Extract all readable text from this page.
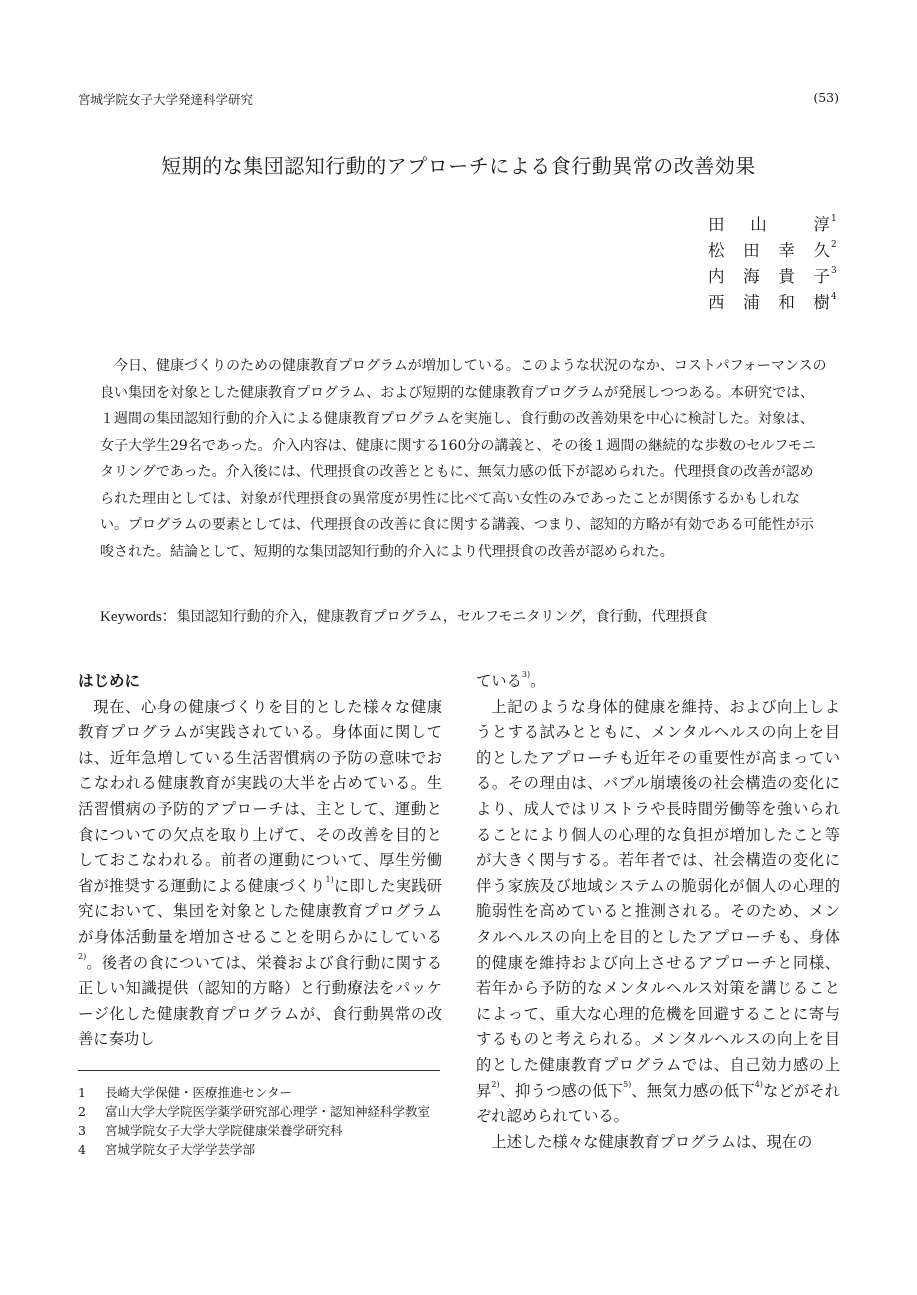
宮城学院女子大学発達科学研究	(53)
短期的な集団認知行動的アプローチによる食行動異常の改善効果
田　山　　淳 1
松　田　幸　久 2
内　海　貴　子 3
西　浦　和　樹 4

今日、健康づくりのための健康教育プログラムが増加している。このような状況のなか、コストパフォーマンスの良い集団を対象とした健康教育プログラム、および短期的な健康教育プログラムが発展しつつある。本研究では、１週間の集団認知行動的介入による健康教育プログラムを実施し、食行動の改善効果を中心に検討した。対象は、女子大学生29名であった。介入内容は、健康に関する160分の講義と、その後１週間の継続的な歩数のセルフモニタリングであった。介入後には、代理摂食の改善とともに、無気力感の低下が認められた。代理摂食の改善が認められた理由としては、対象が代理摂食の異常度が男性に比べて高い女性のみであったことが関係するかもしれない。プログラムの要素としては、代理摂食の改善に食に関する講義、つまり、認知的方略が有効である可能性が示唆された。結論として、短期的な集団認知行動的介入により代理摂食の改善が認められた。

Keywords：集団認知行動的介入，健康教育プログラム，セルフモニタリング，食行動，代理摂食
はじめに

現在、心身の健康づくりを目的とした様々な健康教育プログラムが実践されている。身体面に関しては、近年急増している生活習慣病の予防の意味でおこなわれる健康教育が実践の大半を占めている。生活習慣病の予防的アプローチは、主として、運動と食についての欠点を取り上げて、その改善を目的としておこなわれる。前者の運動について、厚生労働省が推奨する運動による健康づくり$^{1)}$に即した実践研究において、集団を対象とした健康教育プログラムが身体活動量を増加させることを明らかにしている$^{2)}$。後者の食については、栄養および食行動に関する正しい知識提供（認知的方略）と行動療法をパッケージ化した健康教育プログラムが、食行動異常の改善に奏功し

1	長崎大学保健・医療推進センター
2	富山大学大学院医学薬学研究部心理学・認知神経科学教室
3	宮城学院女子大学大学院健康栄養学研究科
4	宮城学院女子大学学芸学部

ている$^{3)}$。

上記のような身体的健康を維持、および向上しようとする試みとともに、メンタルヘルスの向上を目的としたアプローチも近年その重要性が高まっている。その理由は、バブル崩壊後の社会構造の変化により、成人ではリストラや長時間労働等を強いられることにより個人の心理的な負担が増加したこと等が大きく関与する。若年者では、社会構造の変化に伴う家族及び地域システムの脆弱化が個人の心理的脆弱性を高めていると推測される。そのため、メンタルヘルスの向上を目的としたアプローチも、身体的健康を維持および向上させるアプローチと同様、若年から予防的なメンタルヘルス対策を講じることによって、重大な心理的危機を回避することに寄与するものと考えられる。メンタルヘルスの向上を目的とした健康教育プログラムでは、自己効力感の上昇$^{2)}$、抑うつ感の低下$^{5)}$、無気力感の低下$^{4)}$などがそれぞれ認められている。

上述した様々な健康教育プログラムは、現在の
